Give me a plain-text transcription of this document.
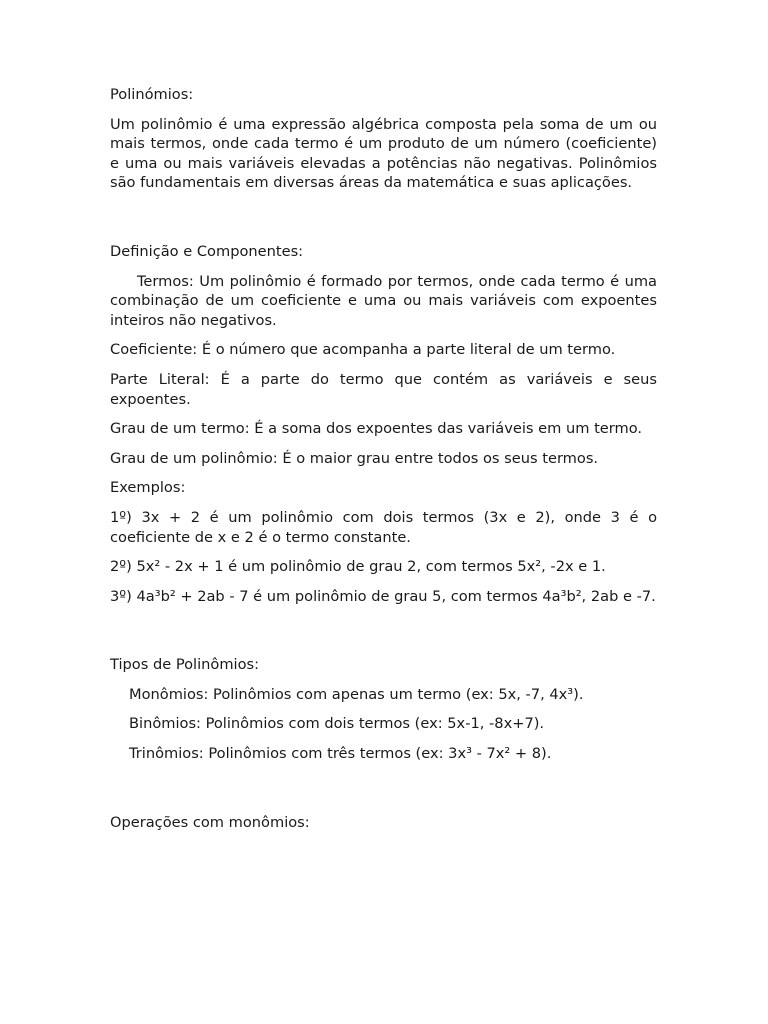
Polinómios:

Um polinômio é uma expressão algébrica composta pela soma de um ou mais termos, onde cada termo é um produto de um número (coeficiente) e uma ou mais variáveis elevadas a potências não negativas. Polinômios são fundamentais em diversas áreas da matemática e suas aplicações.

Definição e Componentes:

Termos: Um polinômio é formado por termos, onde cada termo é uma combinação de um coeficiente e uma ou mais variáveis com expoentes inteiros não negativos.

Coeficiente: É o número que acompanha a parte literal de um termo.

Parte Literal: É a parte do termo que contém as variáveis e seus expoentes.

Grau de um termo: É a soma dos expoentes das variáveis em um termo.

Grau de um polinômio: É o maior grau entre todos os seus termos.

Exemplos:

1º) 3x + 2 é um polinômio com dois termos (3x e 2), onde 3 é o coeficiente de x e 2 é o termo constante.

2º) 5x² - 2x + 1 é um polinômio de grau 2, com termos 5x², -2x e 1.

3º) 4a³b² + 2ab - 7 é um polinômio de grau 5, com termos 4a³b², 2ab e -7.

Tipos de Polinômios:

Monômios: Polinômios com apenas um termo (ex: 5x, -7, 4x³).

Binômios: Polinômios com dois termos (ex: 5x-1, -8x+7).

Trinômios: Polinômios com três termos (ex: 3x³ - 7x² + 8).

Operações com monômios:
